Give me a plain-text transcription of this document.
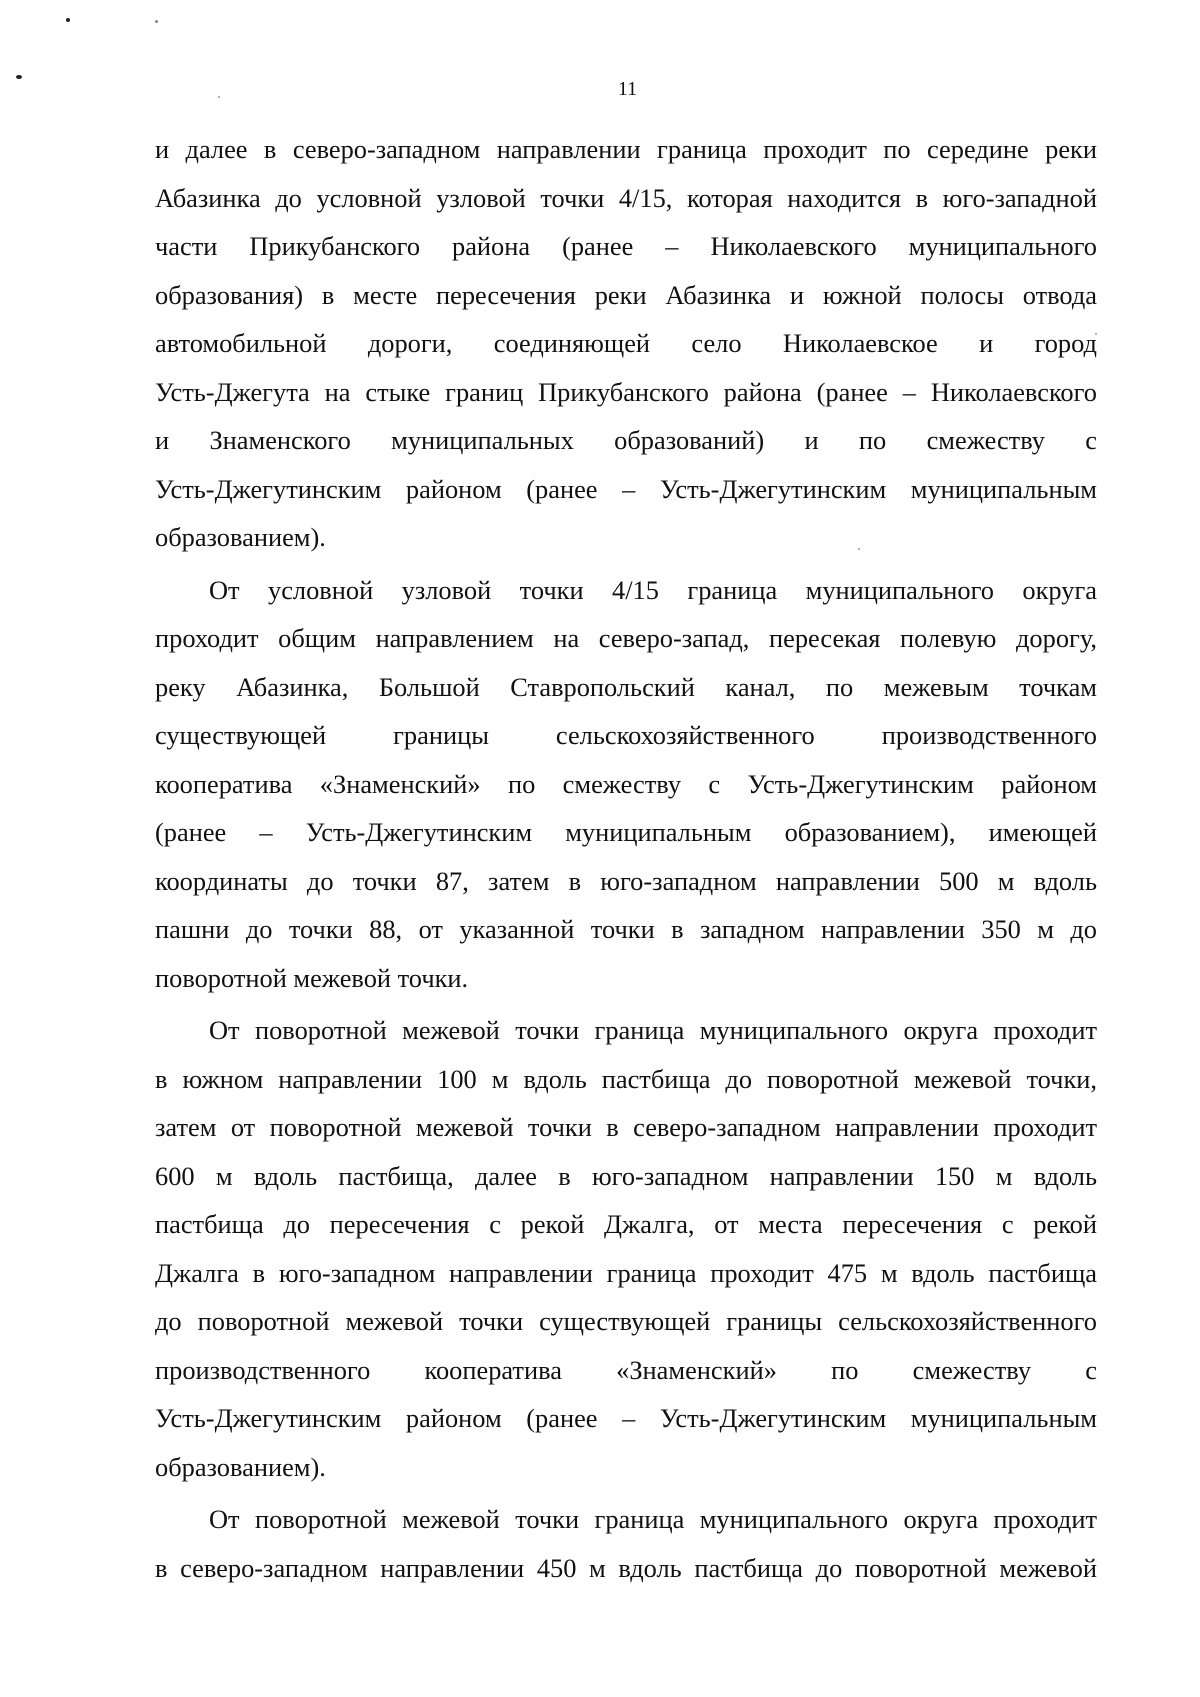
11
и далее в северо-западном направлении граница проходит по середине реки
Абазинка до условной узловой точки 4/15, которая находится в юго-западной
части Прикубанского района (ранее – Николаевского муниципального
образования) в месте пересечения реки Абазинка и южной полосы отвода
автомобильной дороги, соединяющей село Николаевское и город
Усть-Джегута на стыке границ Прикубанского района (ранее – Николаевского
и Знаменского муниципальных образований) и по смежеству с
Усть-Джегутинским районом (ранее – Усть-Джегутинским муниципальным
образованием).
От условной узловой точки 4/15 граница муниципального округа
проходит общим направлением на северо-запад, пересекая полевую дорогу,
реку Абазинка, Большой Ставропольский канал, по межевым точкам
существующей границы сельскохозяйственного производственного
кооператива «Знаменский» по смежеству с Усть-Джегутинским районом
(ранее – Усть-Джегутинским муниципальным образованием), имеющей
координаты до точки 87, затем в юго-западном направлении 500 м вдоль
пашни до точки 88, от указанной точки в западном направлении 350 м до
поворотной межевой точки.
От поворотной межевой точки граница муниципального округа проходит
в южном направлении 100 м вдоль пастбища до поворотной межевой точки,
затем от поворотной межевой точки в северо-западном направлении проходит
600 м вдоль пастбища, далее в юго-западном направлении 150 м вдоль
пастбища до пересечения с рекой Джалга, от места пересечения с рекой
Джалга в юго-западном направлении граница проходит 475 м вдоль пастбища
до поворотной межевой точки существующей границы сельскохозяйственного
производственного кооператива «Знаменский» по смежеству с
Усть-Джегутинским районом (ранее – Усть-Джегутинским муниципальным
образованием).
От поворотной межевой точки граница муниципального округа проходит
в северо-западном направлении 450 м вдоль пастбища до поворотной межевой
